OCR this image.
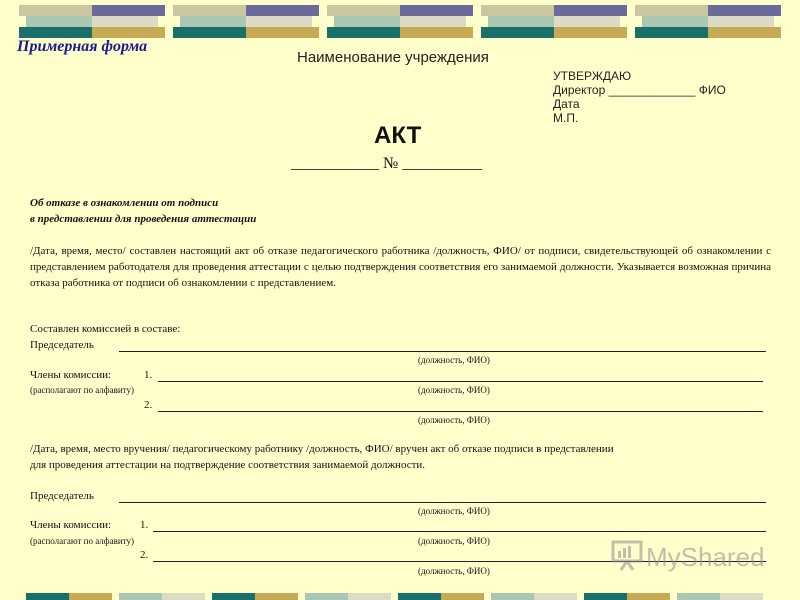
Примерная форма
Наименование учреждения
УТВЕРЖДАЮ
Директор _____________ ФИО
Дата
М.П.
АКТ
___________ № __________
Об отказе в ознакомлении от подписи
в представлении для проведения аттестации
/Дата, время, место/ составлен настоящий акт об отказе педагогического работника /должность, ФИО/ от подписи, свидетельствующей об ознакомлении с представлением работодателя для проведения аттестации с целью подтверждения соответствия его занимаемой должности. Указывается возможная причина отказа работника от подписи об ознакомлении с представлением.
Составлен комиссией в составе:
Председатель
(должность, ФИО)
Члены комиссии:	1.
(располагают по алфавиту)	(должность, ФИО)
2.
(должность, ФИО)
/Дата, время, место вручения/ педагогическому работнику /должность, ФИО/ вручен акт об отказе подписи в представлении
для проведения аттестации на подтверждение соответствия занимаемой должности.
Председатель
(должность, ФИО)
Члены комиссии:	1.
(располагают по алфавиту)	(должность, ФИО)
2.
(должность, ФИО)	MyShared
